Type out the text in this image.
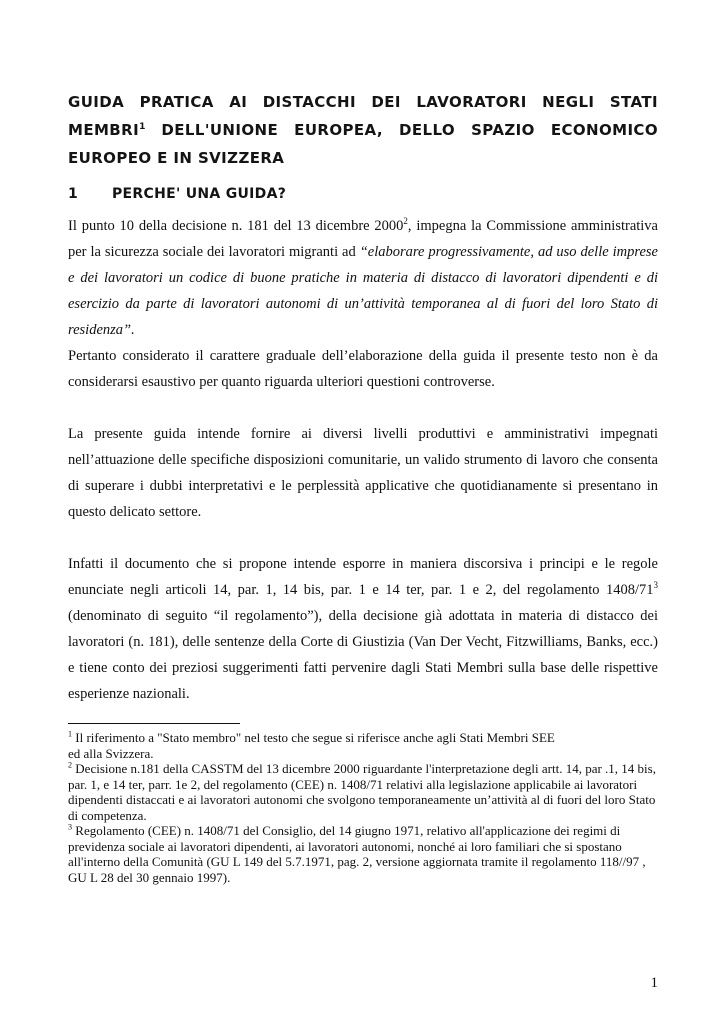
GUIDA PRATICA AI DISTACCHI DEI LAVORATORI NEGLI STATI
MEMBRI$^1$ DELL'UNIONE EUROPEA, DELLO SPAZIO ECONOMICO
EUROPEO E IN SVIZZERA
1 PERCHE' UNA GUIDA?

Il punto 10 della decisione n. 181 del 13 dicembre 2000$^2$, impegna la Commissione amministrativa per la sicurezza sociale dei lavoratori migranti ad “elaborare progressivamente, ad uso delle imprese e dei lavoratori un codice di buone pratiche in materia di distacco di lavoratori dipendenti e di esercizio da parte di lavoratori autonomi di un’attività temporanea al di fuori del loro Stato di residenza”.

Pertanto considerato il carattere graduale dell’elaborazione della guida il presente testo non è da considerarsi esaustivo per quanto riguarda ulteriori questioni controverse.

La presente guida intende fornire ai diversi livelli produttivi e amministrativi impegnati nell’attuazione delle specifiche disposizioni comunitarie, un valido strumento di lavoro che consenta di superare i dubbi interpretativi e le perplessità applicative che quotidianamente si presentano in questo delicato settore.

Infatti il documento che si propone intende esporre in maniera discorsiva i principi e le regole enunciate negli articoli 14, par. 1, 14 bis, par. 1 e 14 ter, par. 1 e 2, del regolamento $1408/71^3$ (denominato di seguito “il regolamento”), della decisione già adottata in materia di distacco dei lavoratori (n. 181), delle sentenze della Corte di Giustizia (Van Der Vecht, Fitzwilliams, Banks, ecc.) e tiene conto dei preziosi suggerimenti fatti pervenire dagli Stati Membri sulla base delle rispettive esperienze nazionali.

$^1$ Il riferimento a "Stato membro" nel testo che segue si riferisce anche agli Stati Membri SEE
ed alla Svizzera.

$^2$ Decisione n.181 della CASSTM del 13 dicembre 2000 riguardante l'interpretazione degli artt. 14, par .1, 14 bis, par. 1, e 14 ter, parr. 1e 2, del regolamento (CEE) n. 1408/71 relativi alla legislazione applicabile ai lavoratori dipendenti distaccati e ai lavoratori autonomi che svolgono temporaneamente un’attività al di fuori del loro Stato di competenza.

$^3$ Regolamento (CEE) n. 1408/71 del Consiglio, del 14 giugno 1971, relativo all'applicazione dei regimi di previdenza sociale ai lavoratori dipendenti, ai lavoratori autonomi, nonché ai loro familiari che si spostano all'interno della Comunità (GU L 149 del 5.7.1971, pag. 2, versione aggiornata tramite il regolamento 118//97 , GU L 28 del 30 gennaio 1997).

1
